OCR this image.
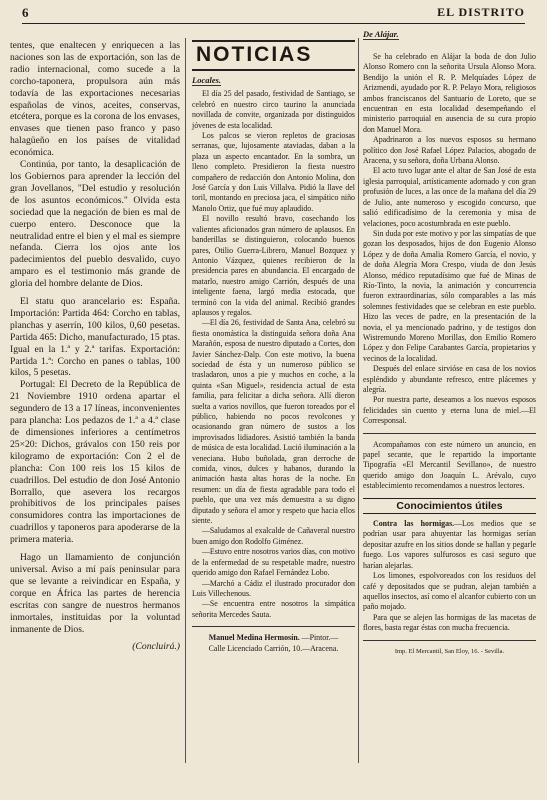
6	EL DISTRITO

tentes, que enaltecen y enriquecen a las naciones son las de exportación, son las de radio internacional, como sucede a la corcho-taponera, propulsora aún más todavía de las exportaciones necesarias españolas de vinos, aceites, conservas, etcétera, porque es la corona de los envases, envases que tienen paso franco y paso halagüeño en los países de vitalidad económica.

Continúa, por tanto, la desaplicación de los Gobiernos para aprender la lección del gran Jovellanos, "Del estudio y resolución de los asuntos económicos." Olvida esta sociedad que la negación de bien es mal de cuerpo entero. Desconoce que la neutralidad entre el bien y el mal es siempre nefanda. Cierra los ojos ante los padecimientos del pueblo desvalido, cuyo amparo es el testimonio más grande de gloria del hombre delante de Dios.

El statu quo arancelario es: España. Importación: Partida 464: Corcho en tablas, planchas y aserrín, 100 kilos, 0,60 pesetas. Partida 465: Dicho, manufacturado, 15 ptas. Igual en la 1.ª y 2.ª tarifas. Exportación: Partida 1.ª: Corcho en panes o tablas, 100 kilos, 5 pesetas.

Portugal: El Decreto de la República de 21 Noviembre 1910 ordena apartar el segundero de 13 a 17 líneas, inconvenientes para plancha: Los pedazos de 1.ª a 4.ª clase de dimensiones inferiores a centímetros 25×20: Dichos, grávalos con 150 reis por kilogramo de exportación: Con 2 el de plancha: Con 100 reis los 15 kilos de cuadrillos. Del estudio de don José Antonio Borrallo, que asevera los recargos prohibitivos de los principales países consumidores contra las importaciones de cuadrillos y taponeros para apoderarse de la primera materia.

Hago un llamamiento de conjunción universal. Aviso a mí país peninsular para que se levante a reivindicar en España, y corque en África las partes de herencia escritas con sangre de nuestros hermanos inmortales, instituidas por la voluntad inmanente de Dios.

(Concluirá.)

NOTICIAS
Locales.

El día 25 del pasado, festividad de Santiago, se celebró en nuestro circo taurino la anunciada novillada de convite, organizada por distinguidos jóvenes de esta localidad.

Los palcos se vieron repletos de graciosas serranas, que, lujosamente ataviadas, daban a la plaza un aspecto encantador. En la sombra, un lleno completo. Presidieron la fiesta nuestro compañero de redacción don Antonio Molina, don José García y don Luis Villalva. Pidió la llave del toril, montando en preciosa jaca, el simpático niño Manolo Ortiz, que fué muy aplaudido.

El novillo resultó bravo, cosechando los valientes aficionados gran número de aplausos. En banderillas se distinguieron, colocando buenos pares, Otilio Guerra-Librero, Manuel Bozquez y Antonio Vázquez, quienes recibieron de la presidencia pares en abundancia. El encargado de matarlo, nuestro amigo Carrión, después de una inteligente faena, largó media estocada, que terminó con la vida del animal. Recibió grandes aplausos y regalos.

—El día 26, festividad de Santa Ana, celebró su fiesta onomástica la distinguida señora doña Ana Marañón, esposa de nuestro diputado a Cortes, don Javier Sánchez-Dalp. Con este motivo, la buena sociedad de ésta y un numeroso público se trasladaron, unos a pie y muchos en coche, a la quinta «San Miguel», residencia actual de esta familia, para felicitar a dicha señora. Allí dieron suelta a varios novillos, que fueron toreados por el público, habiendo no pocos revolcones y ocasionando gran número de sustos a los improvisados lidiadores. Asistió también la banda de música de esta localidad. Lució iluminación a la veneciana. Hubo buñolada, gran derroche de comida, vinos, dulces y habanos, durando la animación hasta altas horas de la noche. En resumen: un día de fiesta agradable para todo el pueblo, que una vez más demuestra a su digno diputado y señora el amor y respeto que hacia ellos siente.

—Saludamos al exalcalde de Cañaveral nuestro buen amigo don Rodolfo Giménez.

—Estuvo entre nosotros varios días, con motivo de la enfermedad de su respetable madre, nuestro querido amigo don Rafael Fernández Lobo.

—Marchó a Cádiz el ilustrado procurador don Luis Villechenous.

—Se encuentra entre nosotros la simpática señorita Mercedes Sauta.

Manuel Medina Hermosín. —Pintor.—

Calle Licenciado Carrión, 10.—Aracena.

De Alájar.

Se ha celebrado en Alájar la boda de don Julio Alonso Romero con la señorita Ursula Alonso Mora. Bendijo la unión el R. P. Melquíades López de Arizmendi, ayudado por R. P. Pelayo Mora, religiosos ambos franciscanos del Santuario de Loreto, que se encuentran en esta localidad desempeñando el ministerio parroquial en ausencia de su cura propio don Manuel Mora.

Apadrinaron a los nuevos esposos su hermano político don José Rafael López Palacios, abogado de Aracena, y su señora, doña Urbana Alonso.

El acto tuvo lugar ante el altar de San José de esta iglesia parroquial, artísticamente adornado y con gran profusión de luces, a las once de la mañana del día 29 de Julio, ante numeroso y escogido concurso, que salió edificadísimo de la ceremonia y misa de velaciones, poco acostumbrada en este pueblo.

Sin duda por este motivo y por las simpatías de que gozan los desposados, hijos de don Eugenio Alonso López y de doña Amalia Romero García, el novio, y de doña Alegría Mora Crespo, viuda de don Jesús Alonso, médico reputadísimo que fué de Minas de Río-Tinto, la novia, la animación y concurrencia fueron extraordinarias, sólo comparables a las más solemnes festividades que se celebran en este pueblo. Hizo las veces de padre, en la presentación de la novia, el ya mencionado padrino, y de testigos don Wistremundo Moreno Morillas, don Emilio Romero López y don Felipe Carabantes García, propietarios y vecinos de la localidad.

Después del enlace sirvióse en casa de los novios espléndido y abundante refresco, entre plácemes y alegría.

Por nuestra parte, deseamos a los nuevos esposos felicidades sin cuento y eterna luna de miel.—El Corresponsal.

Acompañamos con este número un anuncio, en papel secante, que le repartido la importante Tipografía «El Mercantil Sevillano», de nuestro querido amigo don Joaquín L. Arévalo, cuyo establecimiento recomendamos a nuestros lectores.

Conocimientos útiles

Contra las hormigas.—Los medios que se podrían usar para ahuyentar las hormigas serían depositar azufre en los sitios donde se hallan y pegarle fuego. Los vapores sulfurosos es casi seguro que harían alejarlas.

Los limones, espolvoreados con los residuos del café y depositados que se pudran, alejan también a aquellos insectos, así como el alcanfor cubierto con un paño mojado.

Para que se alejen las hormigas de las macetas de flores, basta regar éstas con mucha frecuencia.

Imp. El Mercantil, San Eloy, 16. - Sevilla.
